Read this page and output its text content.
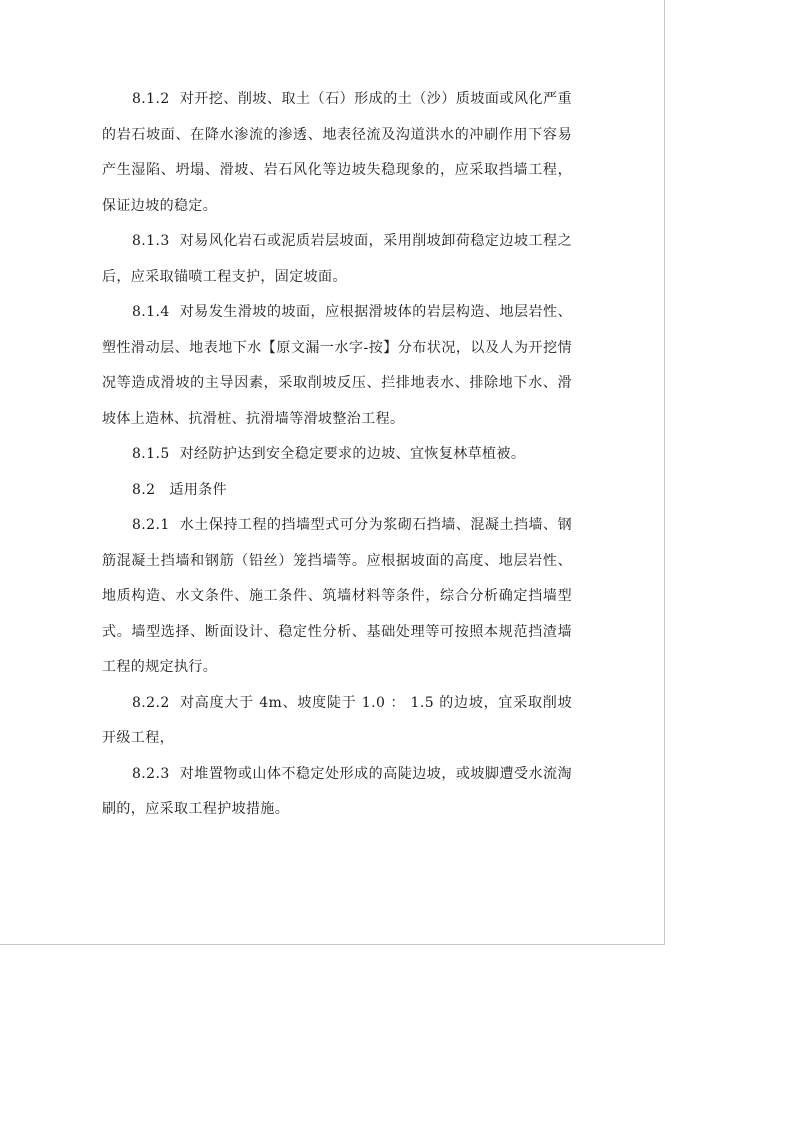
8.1.2 对开挖、削坡、取土（石）形成的土（沙）质坡面或风化严重的岩石坡面、在降水渗流的渗透、地表径流及沟道洪水的冲刷作用下容易产生湿陷、坍塌、滑坡、岩石风化等边坡失稳现象的，应采取挡墙工程，保证边坡的稳定。

8.1.3 对易风化岩石或泥质岩层坡面，采用削坡卸荷稳定边坡工程之后，应采取锚喷工程支护，固定坡面。

8.1.4 对易发生滑坡的坡面，应根据滑坡体的岩层构造、地层岩性、塑性滑动层、地表地下水【原文漏一水字-按】分布状况，以及人为开挖情况等造成滑坡的主导因素，采取削坡反压、拦排地表水、排除地下水、滑坡体上造林、抗滑桩、抗滑墙等滑坡整治工程。

8.1.5 对经防护达到安全稳定要求的边坡、宜恢复林草植被。

8.2 适用条件

8.2.1 水土保持工程的挡墙型式可分为浆砌石挡墙、混凝土挡墙、钢筋混凝土挡墙和钢筋（铅丝）笼挡墙等。应根据坡面的高度、地层岩性、地质构造、水文条件、施工条件、筑墙材料等条件，综合分析确定挡墙型式。墙型选择、断面设计、稳定性分析、基础处理等可按照本规范挡渣墙工程的规定执行。

8.2.2 对高度大于 4m、坡度陡于 1.0 ： 1.5 的边坡，宜采取削坡开级工程，

8.2.3 对堆置物或山体不稳定处形成的高陡边坡，或坡脚遭受水流淘刷的，应采取工程护坡措施。
